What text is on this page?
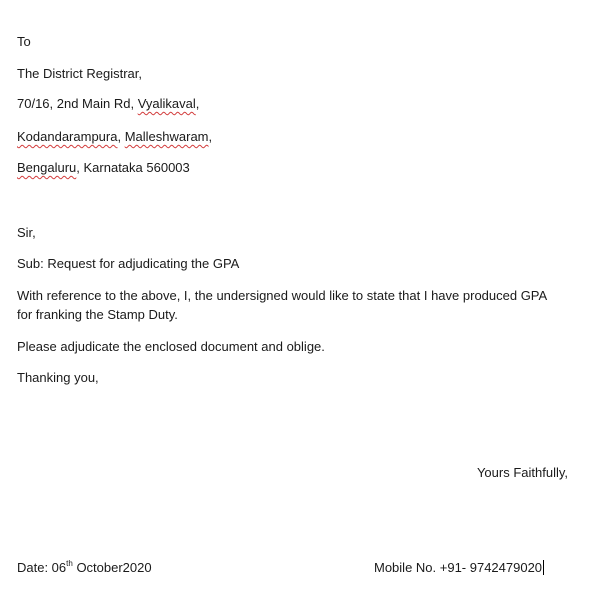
To
The District Registrar,
70/16, 2nd Main Rd, Vyalikaval,
Kodandarampura, Malleshwaram,
Bengaluru, Karnataka 560003
Sir,
Sub: Request for adjudicating the GPA
With reference to the above, I, the undersigned would like to state that I have produced GPA
for franking the Stamp Duty.
Please adjudicate the enclosed document and oblige.
Thanking you,
Yours Faithfully,
Date: 06th October2020	Mobile No. +91- 9742479020
